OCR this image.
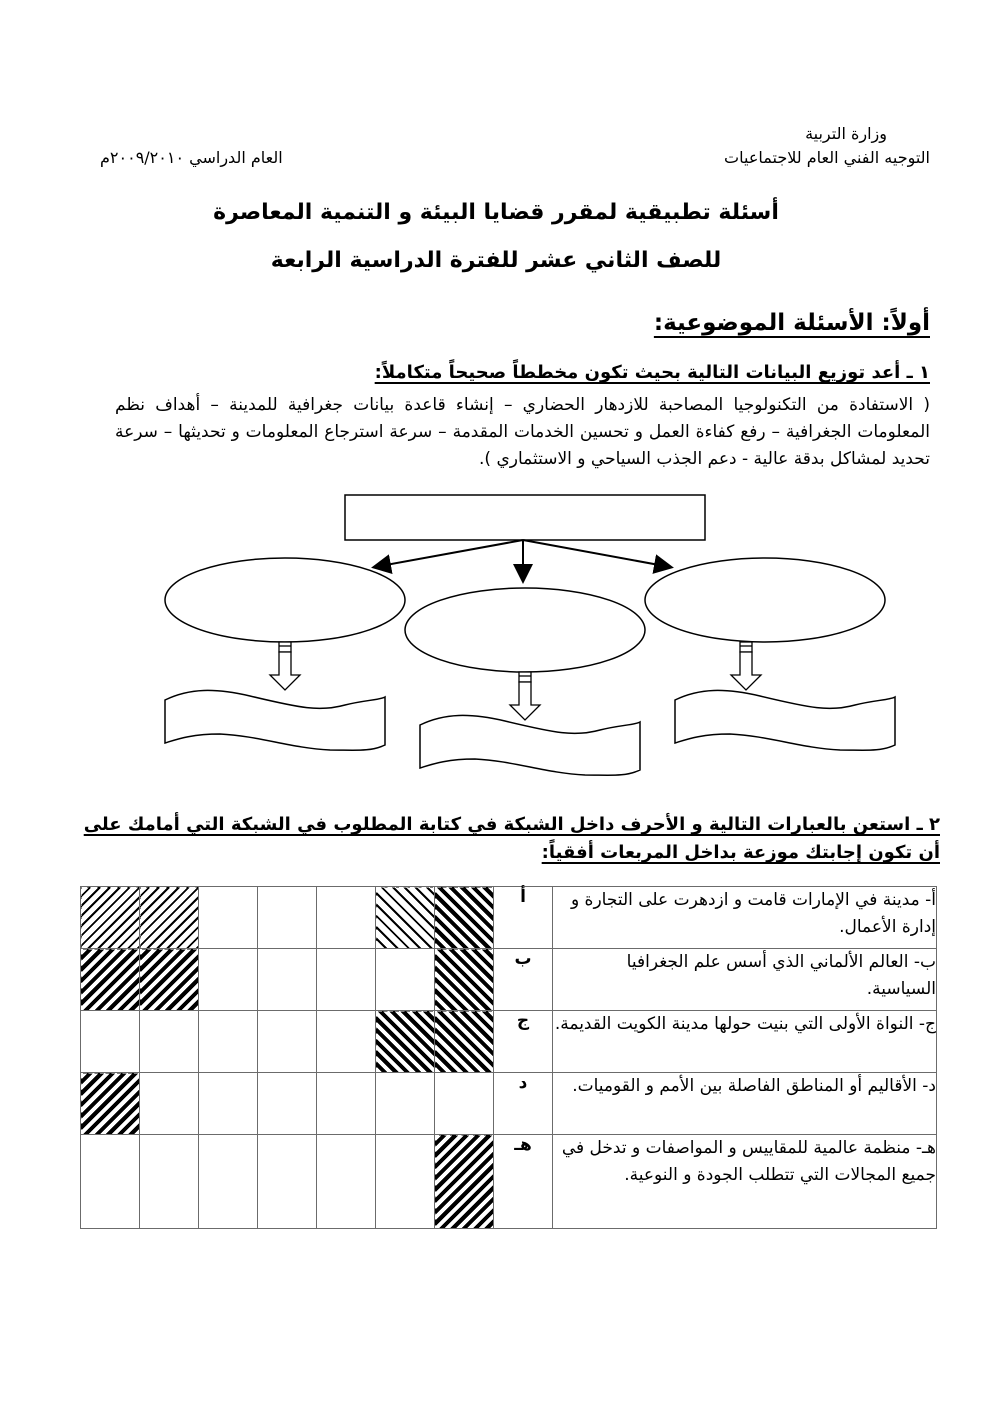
وزارة التربية
التوجيه الفني العام للاجتماعيات
العام الدراسي ٢٠٠٩/٢٠١٠م
أسئلة تطبيقية لمقرر قضايا البيئة و التنمية المعاصرة
للصف الثاني عشر للفترة الدراسية الرابعة
أولاً: الأسئلة الموضوعية:
١ ـ أعد توزيع البيانات التالية بحيث تكون مخططاً صحيحاً متكاملاً:
( الاستفادة من التكنولوجيا المصاحبة للازدهار الحضاري – إنشاء قاعدة بيانات جغرافية للمدينة – أهداف نظم المعلومات الجغرافية – رفع كفاءة العمل و تحسين الخدمات المقدمة – سرعة استرجاع المعلومات و تحديثها – سرعة تحديد لمشاكل بدقة عالية - دعم الجذب السياحي و الاستثماري ).
٢ ـ استعن بالعبارات التالية و الأحرف داخل الشبكة في كتابة المطلوب في الشبكة التي أمامك على
أن تكون إجابتك موزعة بداخل المربعات أفقياً:
							أ	أ- مدينة في الإمارات قامت و ازدهرت على التجارة و إدارة الأعمال.
							ب	ب- العالم الألماني الذي أسس علم الجغرافيا السياسية.
							ج	ج- النواة الأولى التي بنيت حولها مدينة الكويت القديمة.
							د	د- الأقاليم أو المناطق الفاصلة بين الأمم و القوميات.
							هـ	هـ- منظمة عالمية للمقاييس و المواصفات و تدخل في جميع المجالات التي تتطلب الجودة و النوعية.
